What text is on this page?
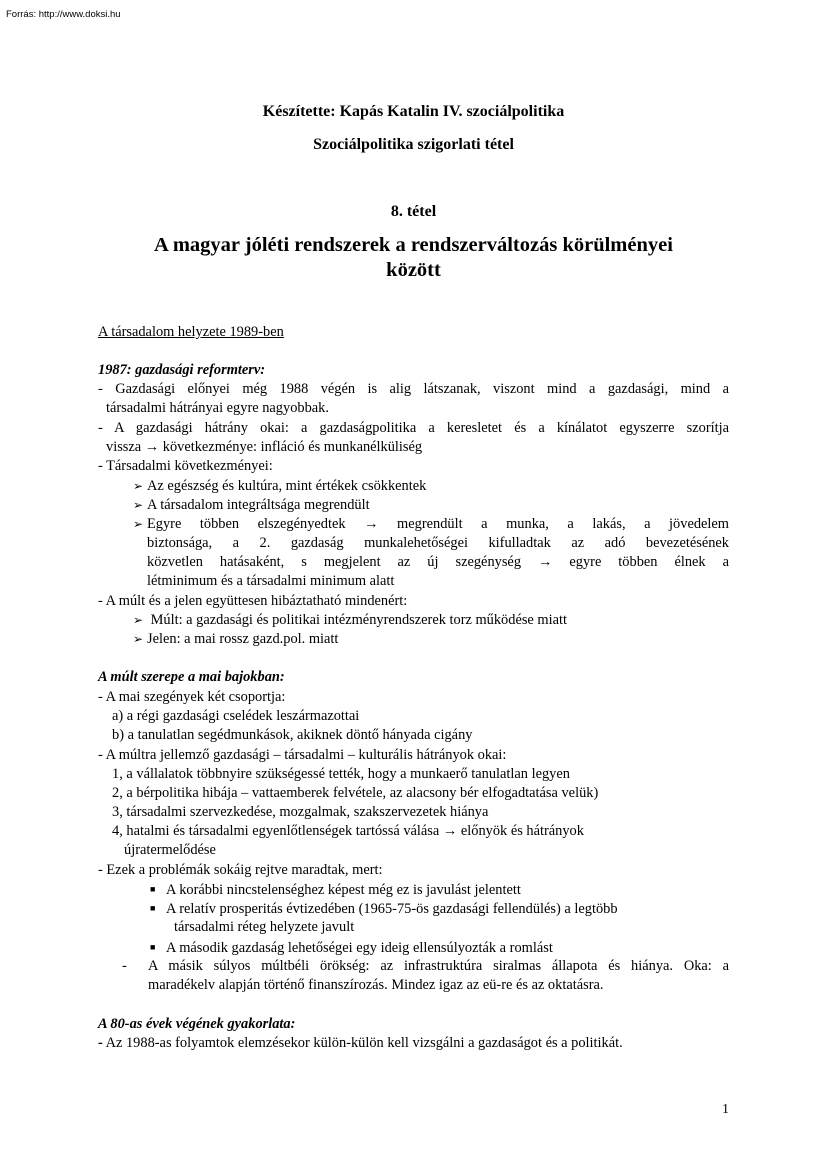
Forrás: http://www.doksi.hu
Készítette: Kapás Katalin IV. szociálpolitika
Szociálpolitika szigorlati tétel
8. tétel
A magyar jóléti rendszerek a rendszerváltozás körülményei
között
A társadalom helyzete 1989-ben
1987: gazdasági reformterv:
- Gazdasági előnyei még 1988 végén is alig látszanak, viszont mind a gazdasági, mind a
társadalmi hátrányai egyre nagyobbak.
- A gazdasági hátrány okai: a gazdaságpolitika a keresletet és a kínálatot egyszerre szorítja
vissza → következménye: infláció és munkanélküliség
- Társadalmi következményei:
➢ Az egészség és kultúra, mint értékek csökkentek
➢ A társadalom integráltsága megrendült
➢ Egyre többen elszegényedtek → megrendült a munka, a lakás, a jövedelem
biztonsága, a 2. gazdaság munkalehetőségei kifulladtak az adó bevezetésének
közvetlen hatásaként, s megjelent az új szegénység → egyre többen élnek a
létminimum és a társadalmi minimum alatt
- A múlt és a jelen együttesen hibáztatható mindenért:
➢ Múlt: a gazdasági és politikai intézményrendszerek torz működése miatt
➢ Jelen: a mai rossz gazd.pol. miatt
A múlt szerepe a mai bajokban:
- A mai szegények két csoportja:
a) a régi gazdasági cselédek leszármazottai
b) a tanulatlan segédmunkások, akiknek döntő hányada cigány
- A múltra jellemző gazdasági – társadalmi – kulturális hátrányok okai:
1, a vállalatok többnyire szükségessé tették, hogy a munkaerő tanulatlan legyen
2, a bérpolitika hibája – vattaemberek felvétele, az alacsony bér elfogadtatása velük)
3, társadalmi szervezkedése, mozgalmak, szakszervezetek hiánya
4, hatalmi és társadalmi egyenlőtlenségek tartóssá válása → előnyök és hátrányok
újratermelődése
- Ezek a problémák sokáig rejtve maradtak, mert:
■ A korábbi nincstelenséghez képest még ez is javulást jelentett
■ A relatív prosperitás évtizedében (1965-75-ös gazdasági fellendülés) a legtöbb
társadalmi réteg helyzete javult
■ A második gazdaság lehetőségei egy ideig ellensúlyozták a romlást
-	A másik súlyos múltbéli örökség: az infrastruktúra siralmas állapota és hiánya. Oka: a
maradékelv alapján történő finanszírozás. Mindez igaz az eü-re és az oktatásra.
A 80-as évek végének gyakorlata:
- Az 1988-as folyamtok elemzésekor külön-külön kell vizsgálni a gazdaságot és a politikát.
1
